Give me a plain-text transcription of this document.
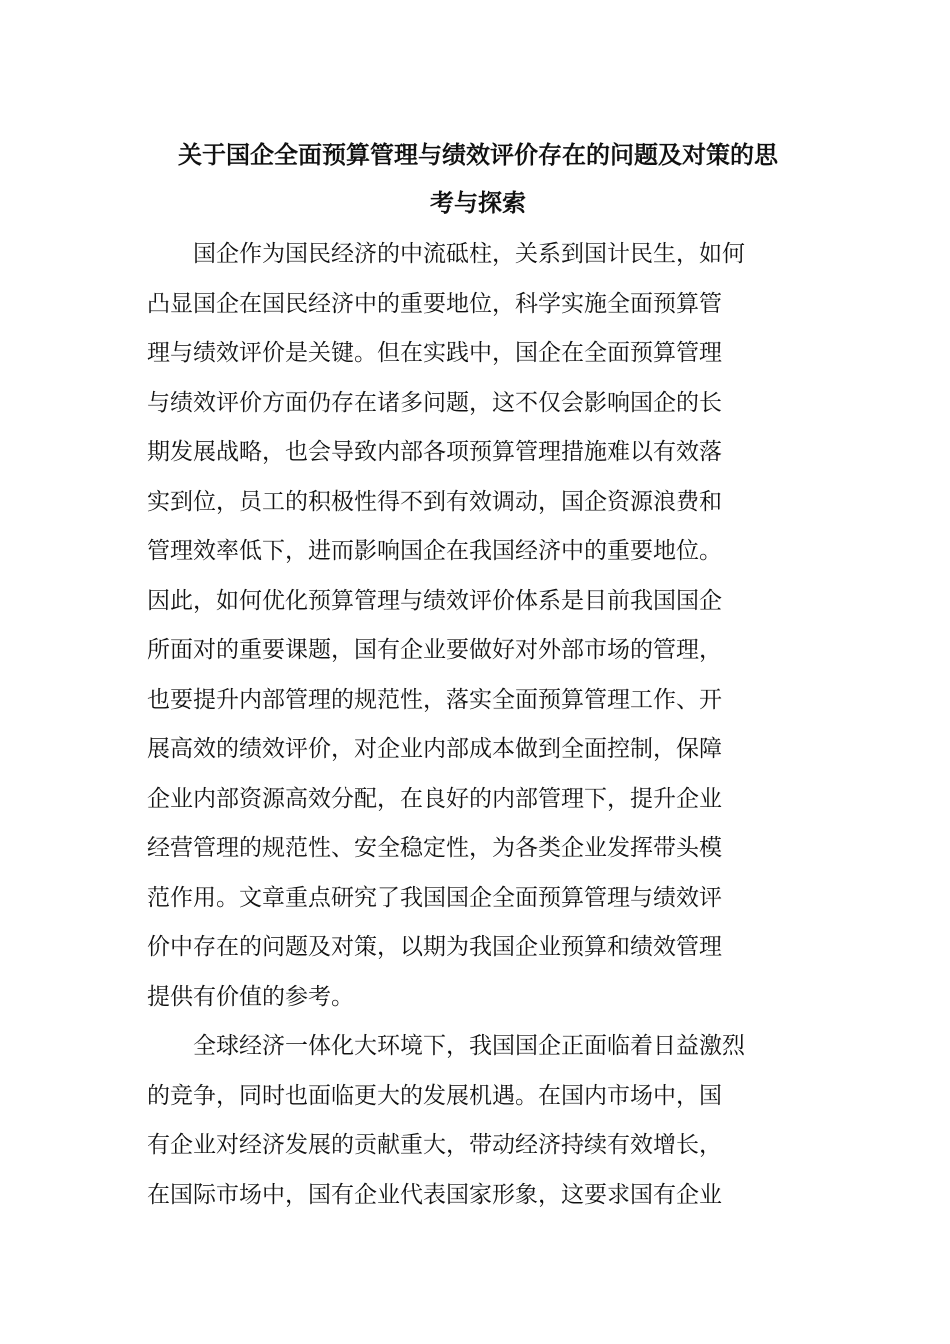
关于国企全面预算管理与绩效评价存在的问题及对策的思
考与探索
国企作为国民经济的中流砥柱，关系到国计民生，如何
凸显国企在国民经济中的重要地位，科学实施全面预算管
理与绩效评价是关键。但在实践中，国企在全面预算管理
与绩效评价方面仍存在诸多问题，这不仅会影响国企的长
期发展战略，也会导致内部各项预算管理措施难以有效落
实到位，员工的积极性得不到有效调动，国企资源浪费和
管理效率低下，进而影响国企在我国经济中的重要地位。
因此，如何优化预算管理与绩效评价体系是目前我国国企
所面对的重要课题，国有企业要做好对外部市场的管理，
也要提升内部管理的规范性，落实全面预算管理工作、开
展高效的绩效评价，对企业内部成本做到全面控制，保障
企业内部资源高效分配，在良好的内部管理下，提升企业
经营管理的规范性、安全稳定性，为各类企业发挥带头模
范作用。文章重点研究了我国国企全面预算管理与绩效评
价中存在的问题及对策，以期为我国企业预算和绩效管理
提供有价值的参考。
全球经济一体化大环境下，我国国企正面临着日益激烈
的竞争，同时也面临更大的发展机遇。在国内市场中，国
有企业对经济发展的贡献重大，带动经济持续有效增长，
在国际市场中，国有企业代表国家形象，这要求国有企业
